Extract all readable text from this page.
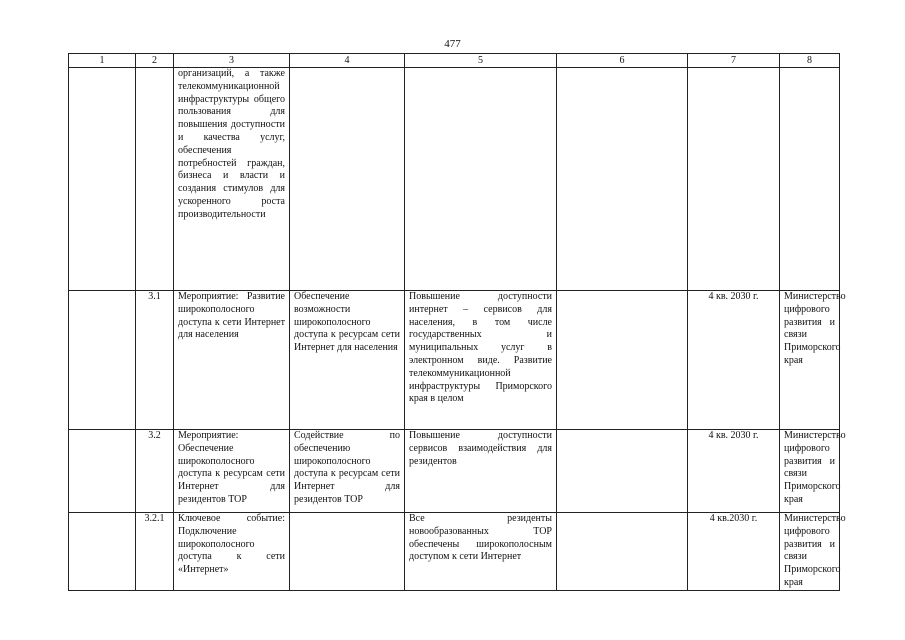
477
1	2	3	4	5	6	7	8
		организаций, а также телекоммуникационной инфраструктуры общего пользования для повышения доступности и качества услуг, обеспечения потребностей граждан, бизнеса и власти и создания стимулов для ускоренного роста производительности					
	3.1	Мероприятие: Развитие широкополосного доступа к сети Интернет для населения	Обеспечение возможности широкополосного доступа к ресурсам сети Интернет для населения	Повышение доступности интернет – сервисов для населения, в том числе государственных и муниципальных услуг в электронном виде. Развитие телекоммуникационной инфраструктуры Приморского края в целом		4 кв. 2030 г.	Министерство цифрового развития и связи Приморского края
	3.2	Мероприятие: Обеспечение широкополосного доступа к ресурсам сети Интернет для резидентов ТОР	Содействие по обеспечению широкополосного доступа к ресурсам сети Интернет для резидентов ТОР	Повышение доступности сервисов взаимодействия для резидентов		4 кв. 2030 г.	Министерство цифрового развития и связи Приморского края
	3.2.1	Ключевое событие: Подключение широкополосного доступа к сети «Интернет»		Все резиденты новообразованных ТОР обеспечены широкополосным доступом к сети Интернет		4 кв.2030 г.	Министерство цифрового развития и связи Приморского края
